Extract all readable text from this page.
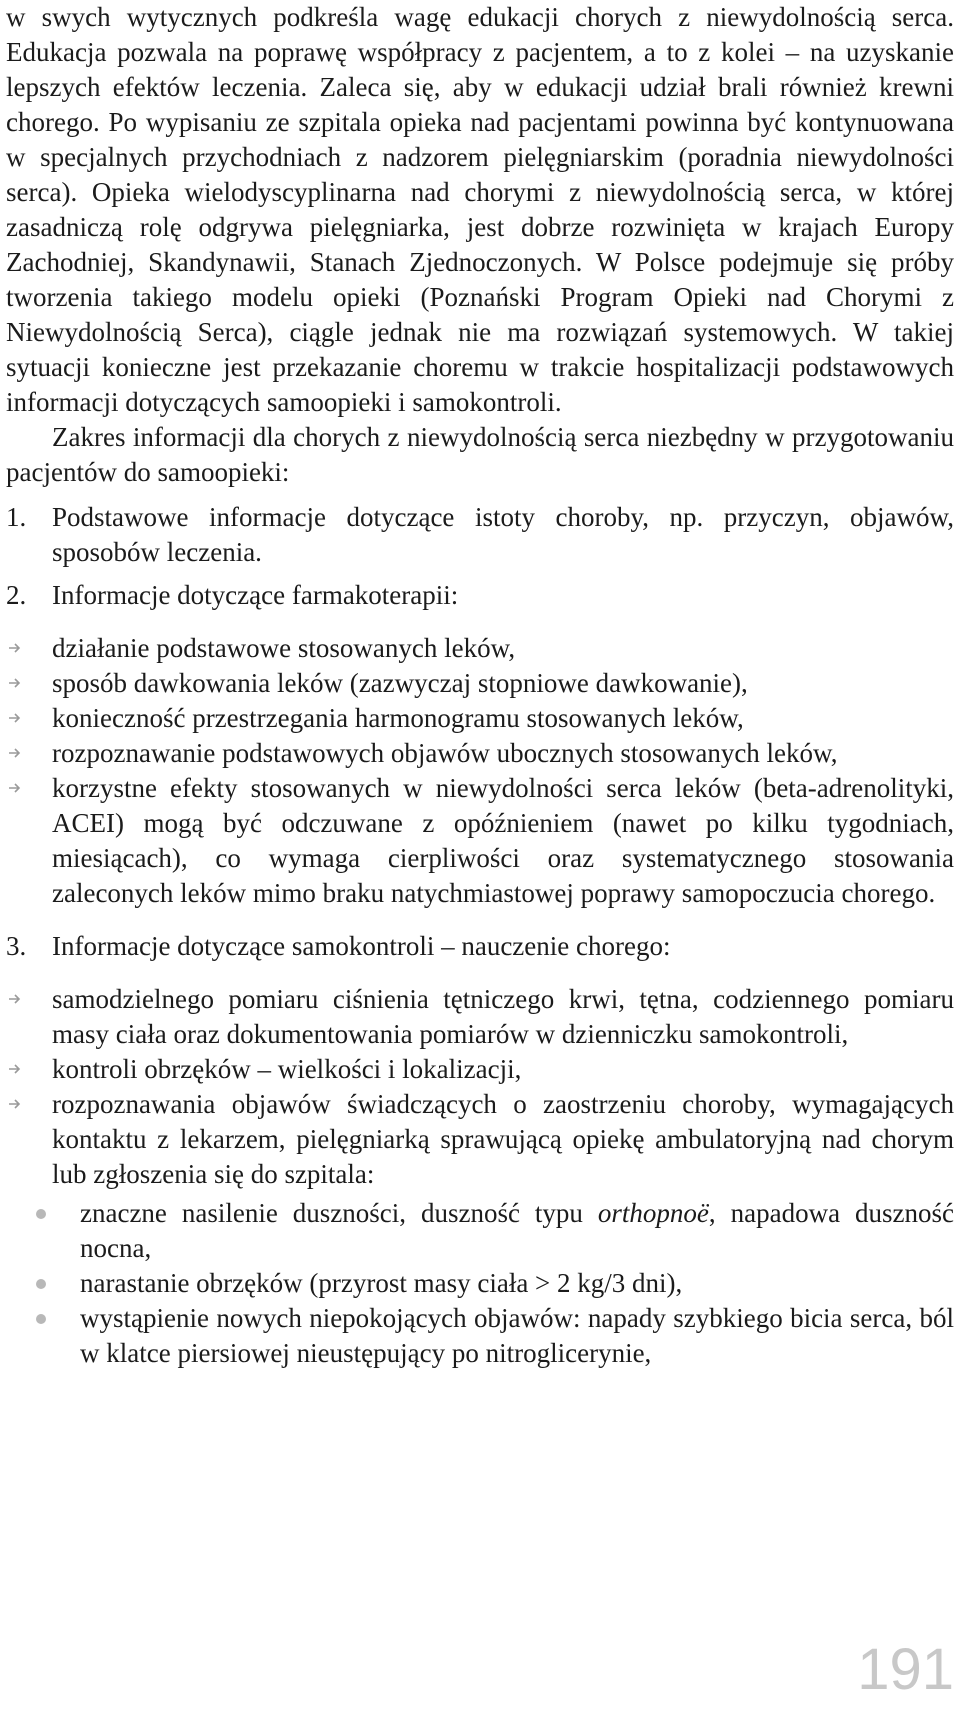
w swych wytycznych podkreśla wagę edukacji chorych z niewydolnością serca. Edukacja pozwala na poprawę współpracy z pacjentem, a to z kolei – na uzyskanie lepszych efektów leczenia. Zaleca się, aby w edukacji udział brali również krewni chorego. Po wypisaniu ze szpitala opieka nad pacjentami powinna być kontynuowana w specjalnych przychodniach z nadzorem pielęgniarskim (poradnia niewydolności serca). Opieka wielodyscyplinarna nad chorymi z niewydolnością serca, w której zasadniczą rolę odgrywa pielęgniarka, jest dobrze rozwinięta w krajach Europy Zachodniej, Skandynawii, Stanach Zjednoczonych. W Polsce podejmuje się próby tworzenia takiego modelu opieki (Poznański Program Opieki nad Chorymi z Niewydolnością Serca), ciągle jednak nie ma rozwiązań systemowych. W takiej sytuacji konieczne jest przekazanie choremu w trakcie hospitalizacji podstawowych informacji dotyczących samoopieki i samokontroli.

Zakres informacji dla chorych z niewydolnością serca niezbędny w przygotowaniu pacjentów do samoopieki:

1. Podstawowe informacje dotyczące istoty choroby, np. przyczyn, objawów, sposobów leczenia.
2. Informacje dotyczące farmakoterapii:
działanie podstawowe stosowanych leków,
sposób dawkowania leków (zazwyczaj stopniowe dawkowanie),
konieczność przestrzegania harmonogramu stosowanych leków,
rozpoznawanie podstawowych objawów ubocznych stosowanych leków,
korzystne efekty stosowanych w niewydolności serca leków (beta-adrenolityki, ACEI) mogą być odczuwane z opóźnieniem (nawet po kilku tygodniach, miesiącach), co wymaga cierpliwości oraz systematycznego stosowania zaleconych leków mimo braku natychmiastowej poprawy samopoczucia chorego.
3. Informacje dotyczące samokontroli – nauczenie chorego:
samodzielnego pomiaru ciśnienia tętniczego krwi, tętna, codziennego pomiaru masy ciała oraz dokumentowania pomiarów w dzienniczku samokontroli,
kontroli obrzęków – wielkości i lokalizacji,
rozpoznawania objawów świadczących o zaostrzeniu choroby, wymagających kontaktu z lekarzem, pielęgniarką sprawującą opiekę ambulatoryjną nad chorym lub zgłoszenia się do szpitala:
znaczne nasilenie duszności, duszność typu orthopnoë, napadowa duszność nocna,
narastanie obrzęków (przyrost masy ciała > 2 kg/3 dni),
wystąpienie nowych niepokojących objawów: napady szybkiego bicia serca, ból w klatce piersiowej nieustępujący po nitroglicerynie,
191
